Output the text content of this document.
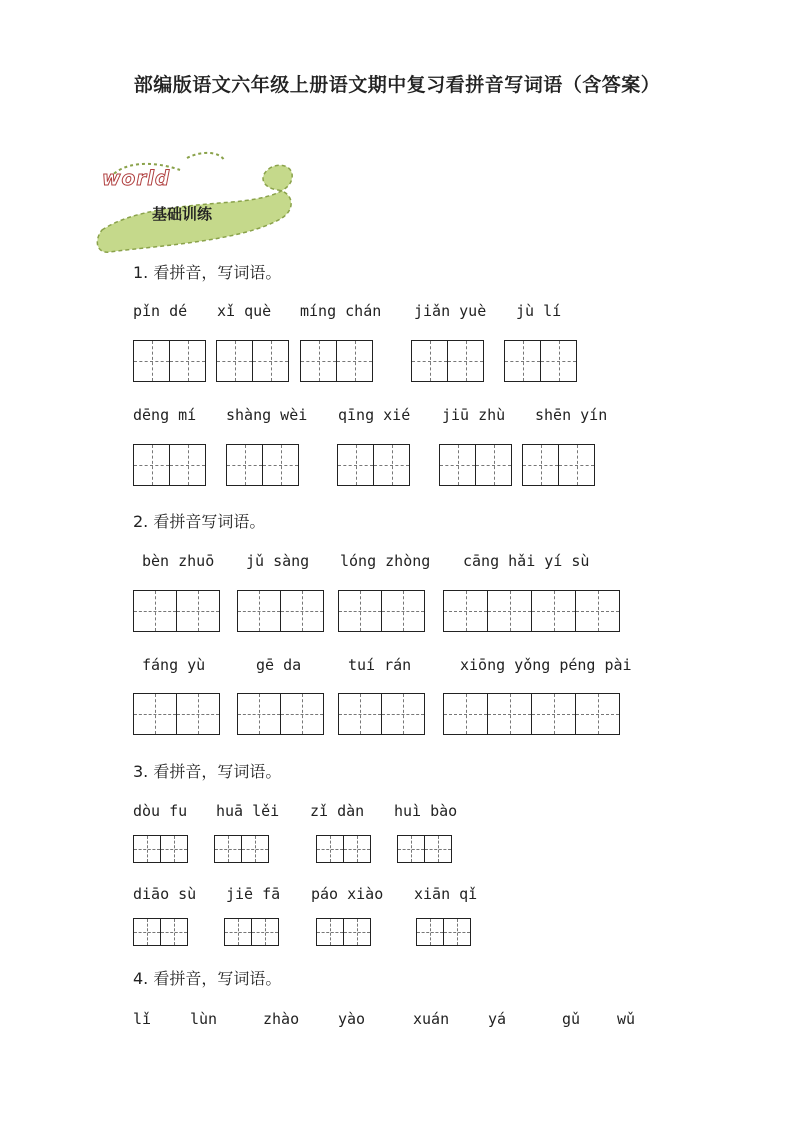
部编版语文六年级上册语文期中复习看拼音写词语（含答案）
world
基础训练
1. 看拼音，写词语。
pǐn dé xǐ què míng chán jiǎn yuè jù lí
dēng mí shàng wèi qīng xié jiū zhù shēn yín
2. 看拼音写词语。
bèn zhuō jǔ sàng lóng zhòng cāng hǎi yí sù
fáng yù	gē da	tuí rán	xiōng yǒng péng pài
3. 看拼音，写词语。
dòu fu huā lěi zǐ dàn huì bào
diāo sù jiē fā páo xiào xiān qǐ
4. 看拼音，写词语。
lǐ	lùn	zhào	yào	xuán	yá	gǔ wǔ
